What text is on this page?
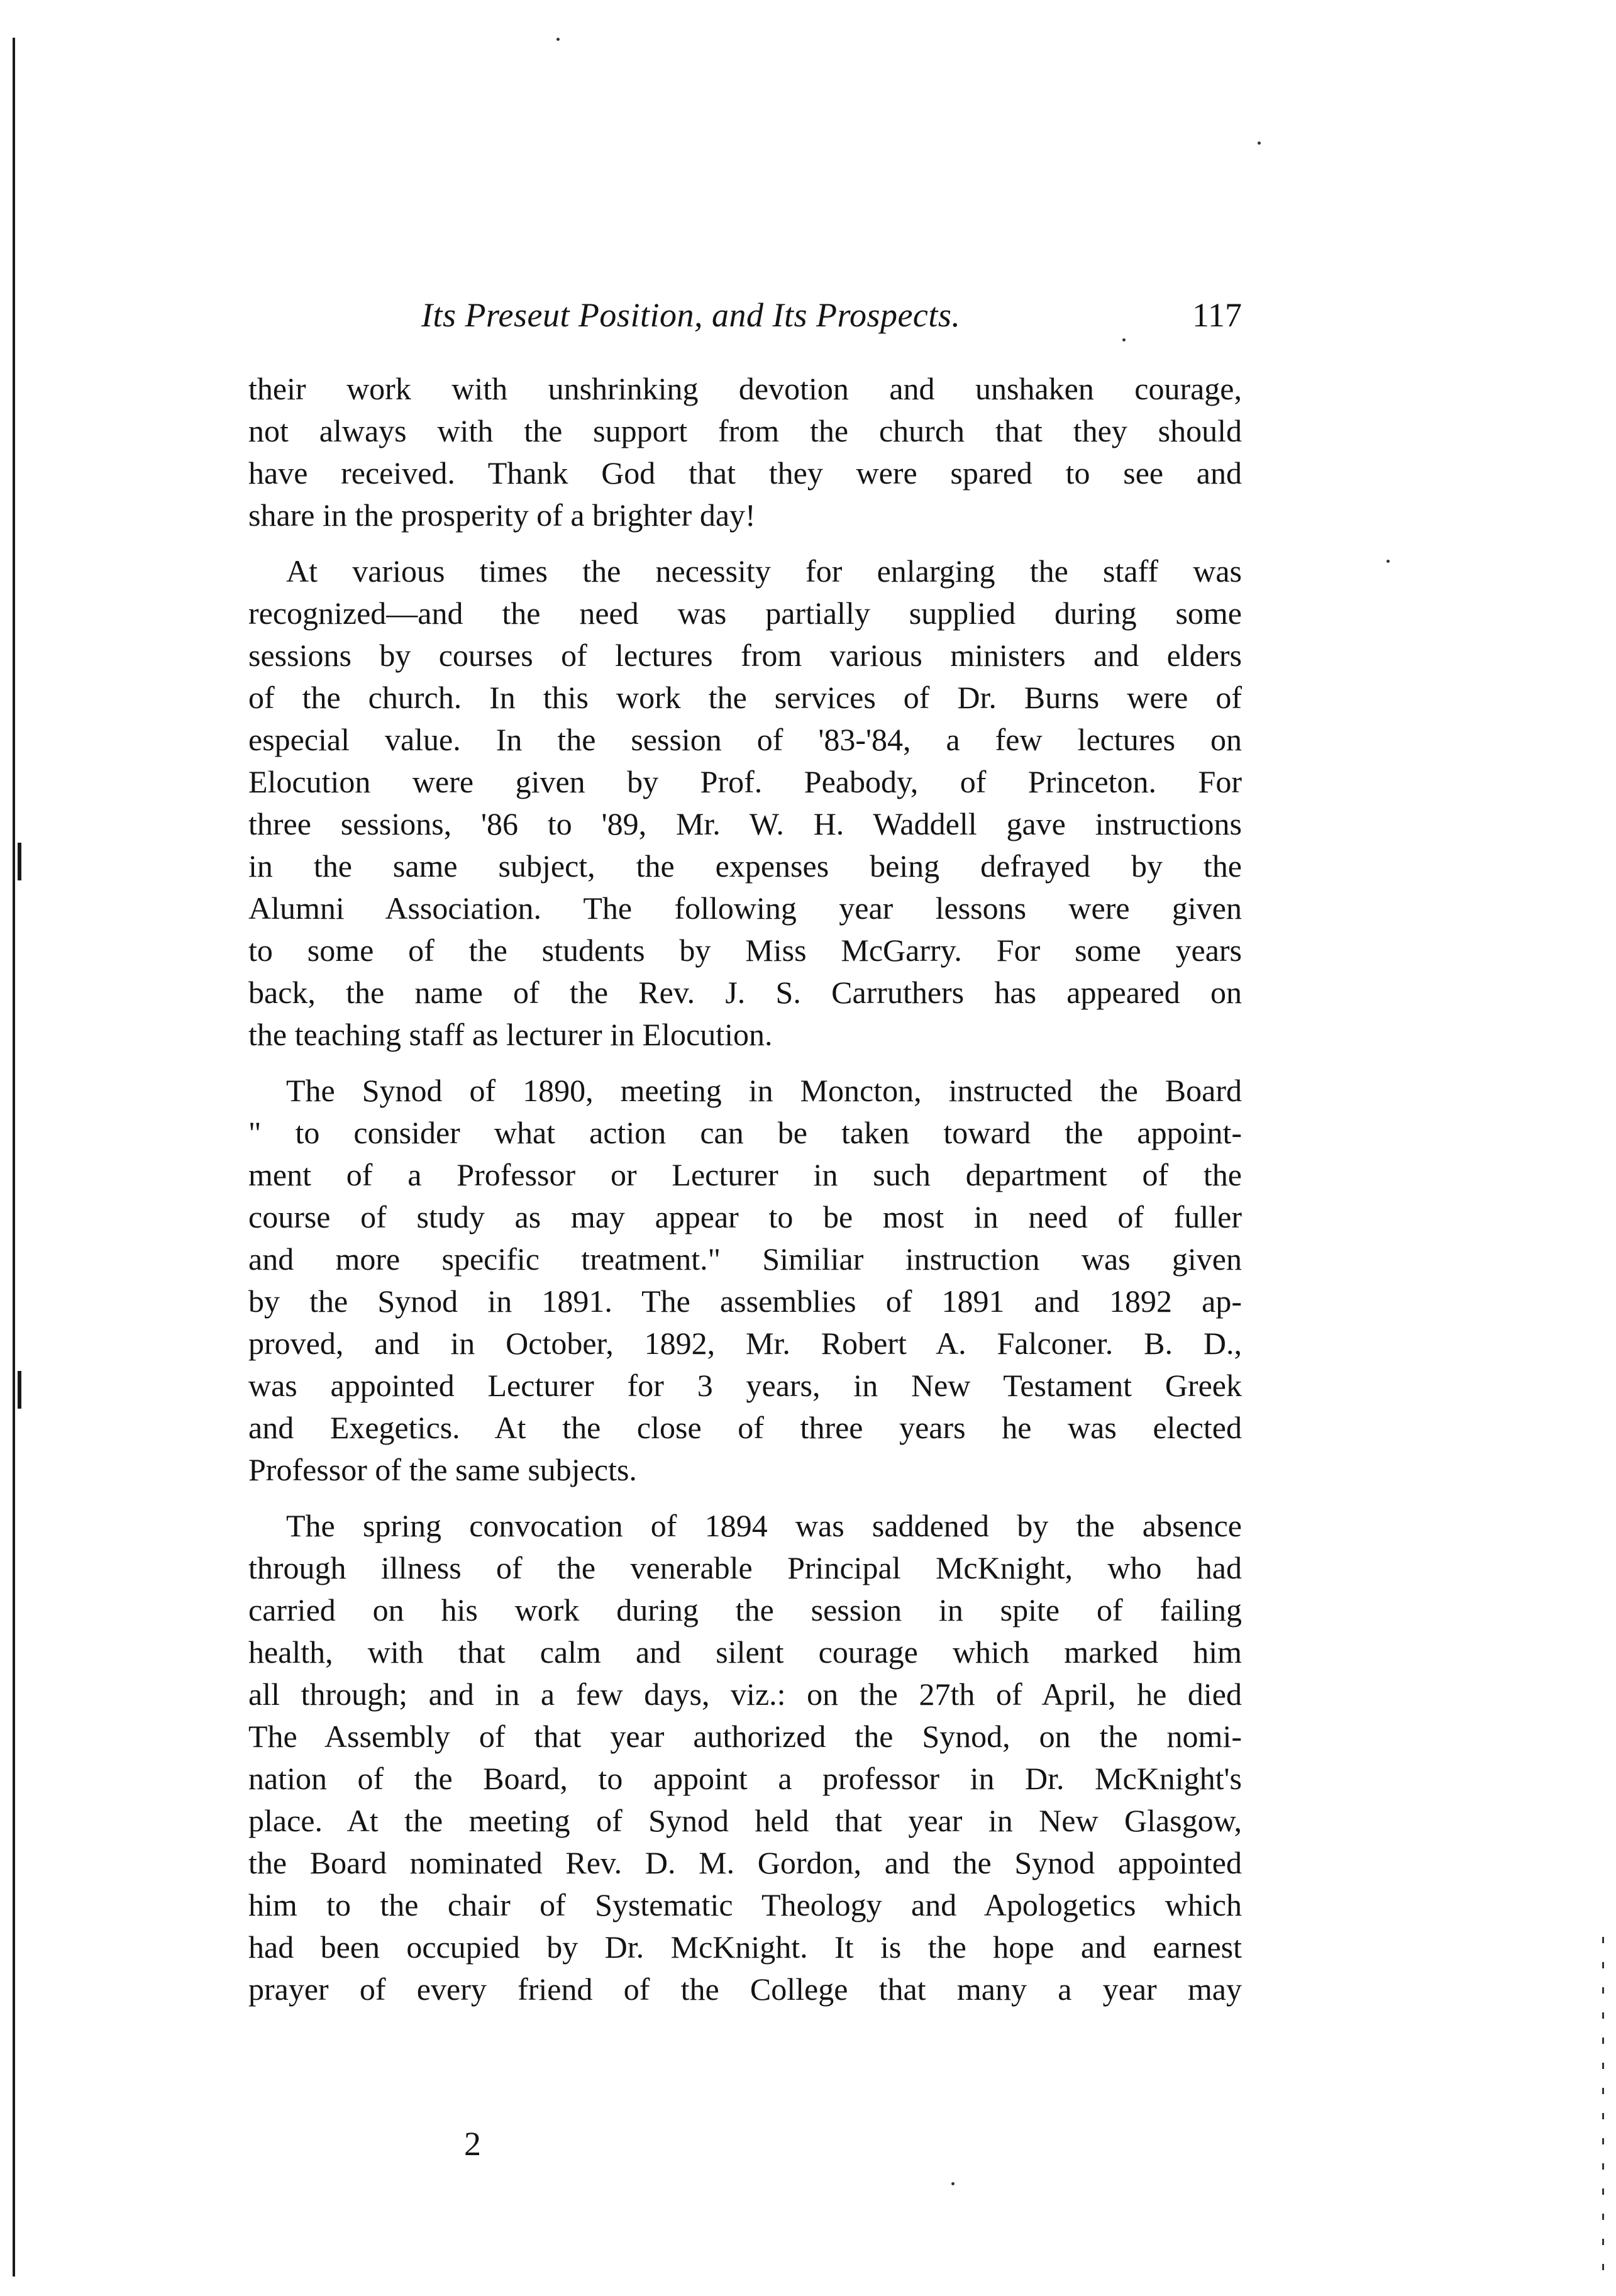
Its Preseut Position, and Its Prospects.	117
their work with unshrinking devotion and unshaken courage,
not always with the support from the church that they should
have received. Thank God that they were spared to see and
share in the prosperity of a brighter day!
At various times the necessity for enlarging the staff was
recognized—and the need was partially supplied during some
sessions by courses of lectures from various ministers and elders
of the church. In this work the services of Dr. Burns were of
especial value. In the session of '83-'84, a few lectures on
Elocution were given by Prof. Peabody, of Princeton. For
three sessions, '86 to '89, Mr. W. H. Waddell gave instructions
in the same subject, the expenses being defrayed by the
Alumni Association. The following year lessons were given
to some of the students by Miss McGarry. For some years
back, the name of the Rev. J. S. Carruthers has appeared on
the teaching staff as lecturer in Elocution.
The Synod of 1890, meeting in Moncton, instructed the Board
" to consider what action can be taken toward the appoint-
ment of a Professor or Lecturer in such department of the
course of study as may appear to be most in need of fuller
and more specific treatment." Similiar instruction was given
by the Synod in 1891. The assemblies of 1891 and 1892 ap-
proved, and in October, 1892, Mr. Robert A. Falconer. B. D.,
was appointed Lecturer for 3 years, in New Testament Greek
and Exegetics. At the close of three years he was elected
Professor of the same subjects.
The spring convocation of 1894 was saddened by the absence
through illness of the venerable Principal McKnight, who had
carried on his work during the session in spite of failing
health, with that calm and silent courage which marked him
all through; and in a few days, viz.: on the 27th of April, he died
The Assembly of that year authorized the Synod, on the nomi-
nation of the Board, to appoint a professor in Dr. McKnight's
place. At the meeting of Synod held that year in New Glasgow,
the Board nominated Rev. D. M. Gordon, and the Synod appointed
him to the chair of Systematic Theology and Apologetics which
had been occupied by Dr. McKnight. It is the hope and earnest
prayer of every friend of the College that many a year may
2
